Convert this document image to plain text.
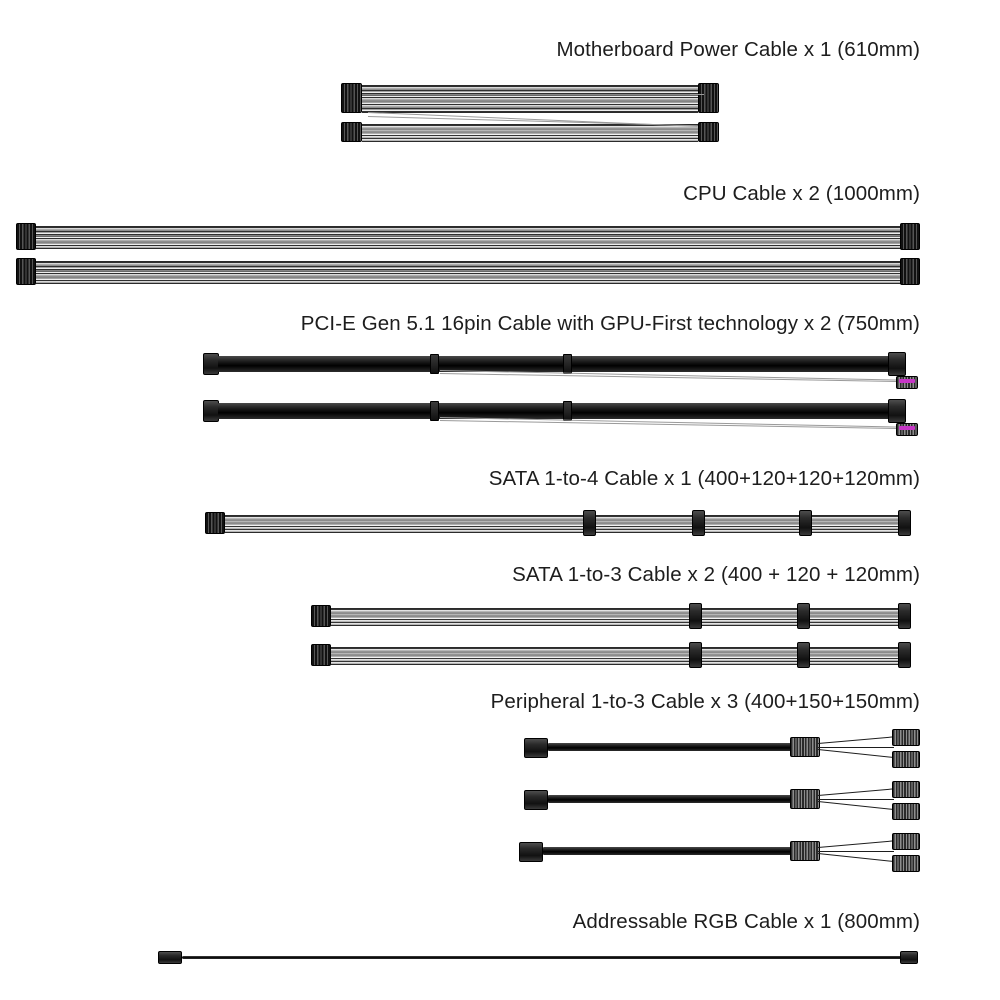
Motherboard Power Cable x 1 (610mm)
CPU Cable x 2 (1000mm)
PCI-E Gen 5.1 16pin Cable with GPU-First technology x 2 (750mm)
SATA 1-to-4 Cable x 1 (400+120+120+120mm)
SATA 1-to-3 Cable x 2 (400 + 120 + 120mm)
Peripheral 1-to-3 Cable x 3 (400+150+150mm)
Addressable RGB Cable x 1 (800mm)
